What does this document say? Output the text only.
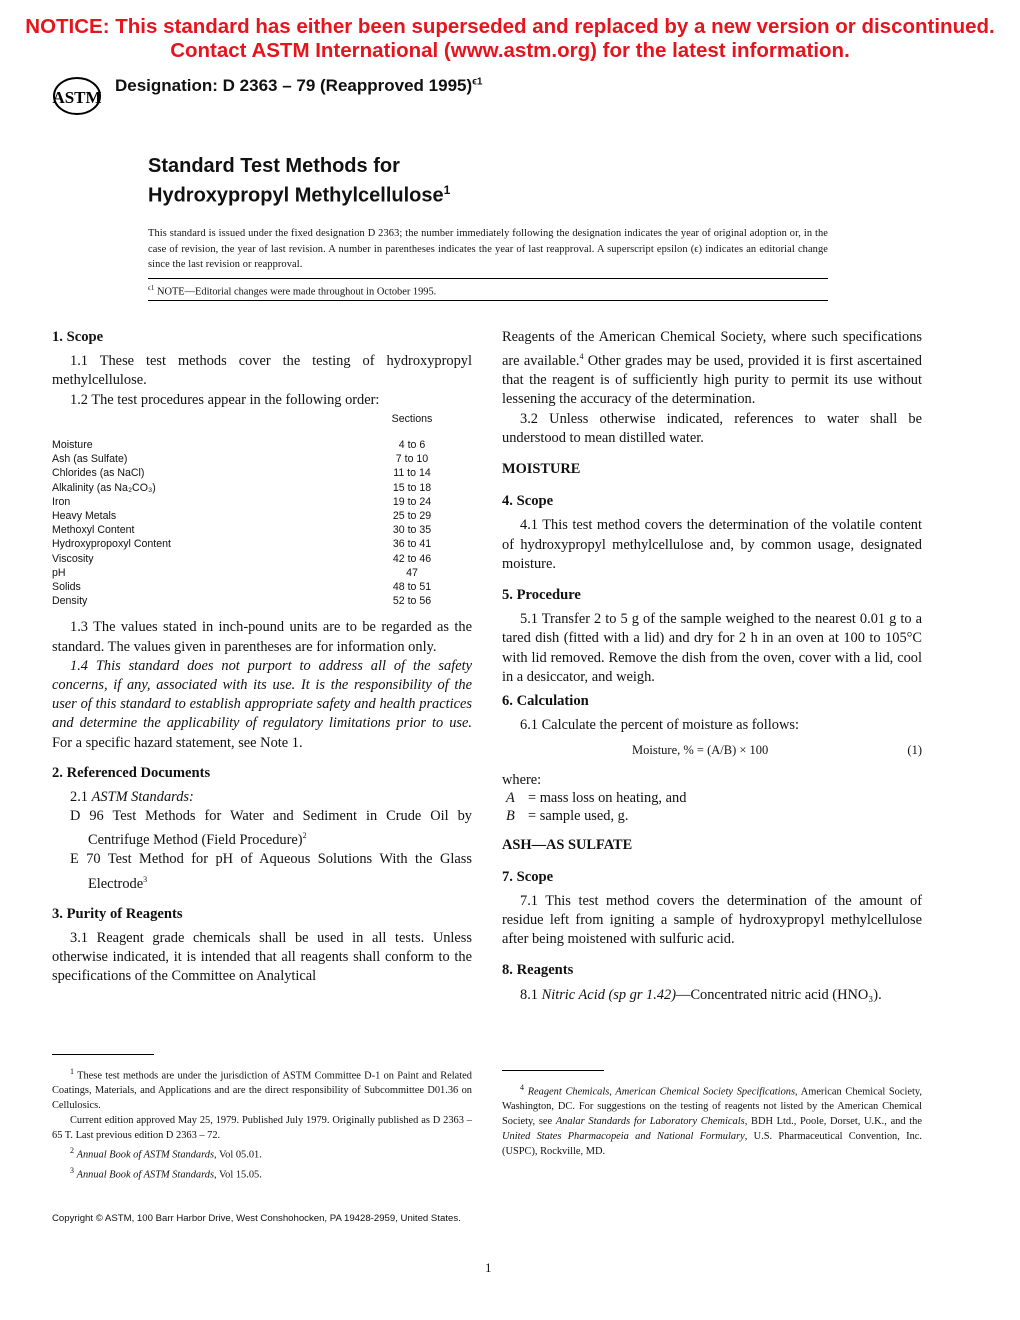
NOTICE: This standard has either been superseded and replaced by a new version or discontinued.
Contact ASTM International (www.astm.org) for the latest information.
ASTM
Designation: D 2363 – 79 (Reapproved 1995)$^{\epsilon 1}$
Standard Test Methods for
Hydroxypropyl Methylcellulose$^1$
This standard is issued under the fixed designation D 2363; the number immediately following the designation indicates the year of original adoption or, in the case of revision, the year of last revision. A number in parentheses indicates the year of last reapproval. A superscript epsilon (ϵ) indicates an editorial change since the last revision or reapproval.
$^{\epsilon 1}$ NOTE—Editorial changes were made throughout in October 1995.

1. Scope

1.1 These test methods cover the testing of hydroxypropyl methylcellulose.

1.2 The test procedures appear in the following order:

Sections
Moisture	4 to 6
Ash (as Sulfate)	7 to 10
Chlorides (as NaCl)	11 to 14
Alkalinity (as Na₂CO₃)	15 to 18
Iron	19 to 24
Heavy Metals	25 to 29
Methoxyl Content	30 to 35
Hydroxypropoxyl Content	36 to 41
Viscosity	42 to 46
pH	47
Solids	48 to 51
Density	52 to 56

1.3 The values stated in inch-pound units are to be regarded as the standard. The values given in parentheses are for information only.

1.4 This standard does not purport to address all of the safety concerns, if any, associated with its use. It is the responsibility of the user of this standard to establish appropriate safety and health practices and determine the applicability of regulatory limitations prior to use. For a specific hazard statement, see Note 1.

2. Referenced Documents

2.1 ASTM Standards:

D 96 Test Methods for Water and Sediment in Crude Oil by Centrifuge Method (Field Procedure)$^2$

E 70 Test Method for pH of Aqueous Solutions With the Glass Electrode$^3$

3. Purity of Reagents

3.1 Reagent grade chemicals shall be used in all tests. Unless otherwise indicated, it is intended that all reagents shall conform to the specifications of the Committee on Analytical

$^1$ These test methods are under the jurisdiction of ASTM Committee D-1 on Paint and Related Coatings, Materials, and Applications and are the direct responsibility of Subcommittee D01.36 on Cellulosics.

Current edition approved May 25, 1979. Published July 1979. Originally published as D 2363 – 65 T. Last previous edition D 2363 – 72.

$^2$ Annual Book of ASTM Standards, Vol 05.01.

$^3$ Annual Book of ASTM Standards, Vol 15.05.

Reagents of the American Chemical Society, where such specifications are available.$^4$ Other grades may be used, provided it is first ascertained that the reagent is of sufficiently high purity to permit its use without lessening the accuracy of the determination.

3.2 Unless otherwise indicated, references to water shall be understood to mean distilled water.

MOISTURE

4. Scope

4.1 This test method covers the determination of the volatile content of hydroxypropyl methylcellulose and, by common usage, designated moisture.

5. Procedure

5.1 Transfer 2 to 5 g of the sample weighed to the nearest 0.01 g to a tared dish (fitted with a lid) and dry for 2 h in an oven at 100 to 105°C with lid removed. Remove the dish from the oven, cover with a lid, cool in a desiccator, and weigh.

6. Calculation

6.1 Calculate the percent of moisture as follows:

Moisture, % = (A/B) × 100	(1)

where:

A = mass loss on heating, and

B = sample used, g.

ASH—AS SULFATE

7. Scope

7.1 This test method covers the determination of the amount of residue left from igniting a sample of hydroxypropyl methylcellulose after being moistened with sulfuric acid.

8. Reagents

8.1 Nitric Acid (sp gr 1.42)—Concentrated nitric acid (HNO₃).

$^4$ Reagent Chemicals, American Chemical Society Specifications, American Chemical Society, Washington, DC. For suggestions on the testing of reagents not listed by the American Chemical Society, see Analar Standards for Laboratory Chemicals, BDH Ltd., Poole, Dorset, U.K., and the United States Pharmacopeia and National Formulary, U.S. Pharmaceutical Convention, Inc. (USPC), Rockville, MD.

Copyright © ASTM, 100 Barr Harbor Drive, West Conshohocken, PA 19428-2959, United States.
1
